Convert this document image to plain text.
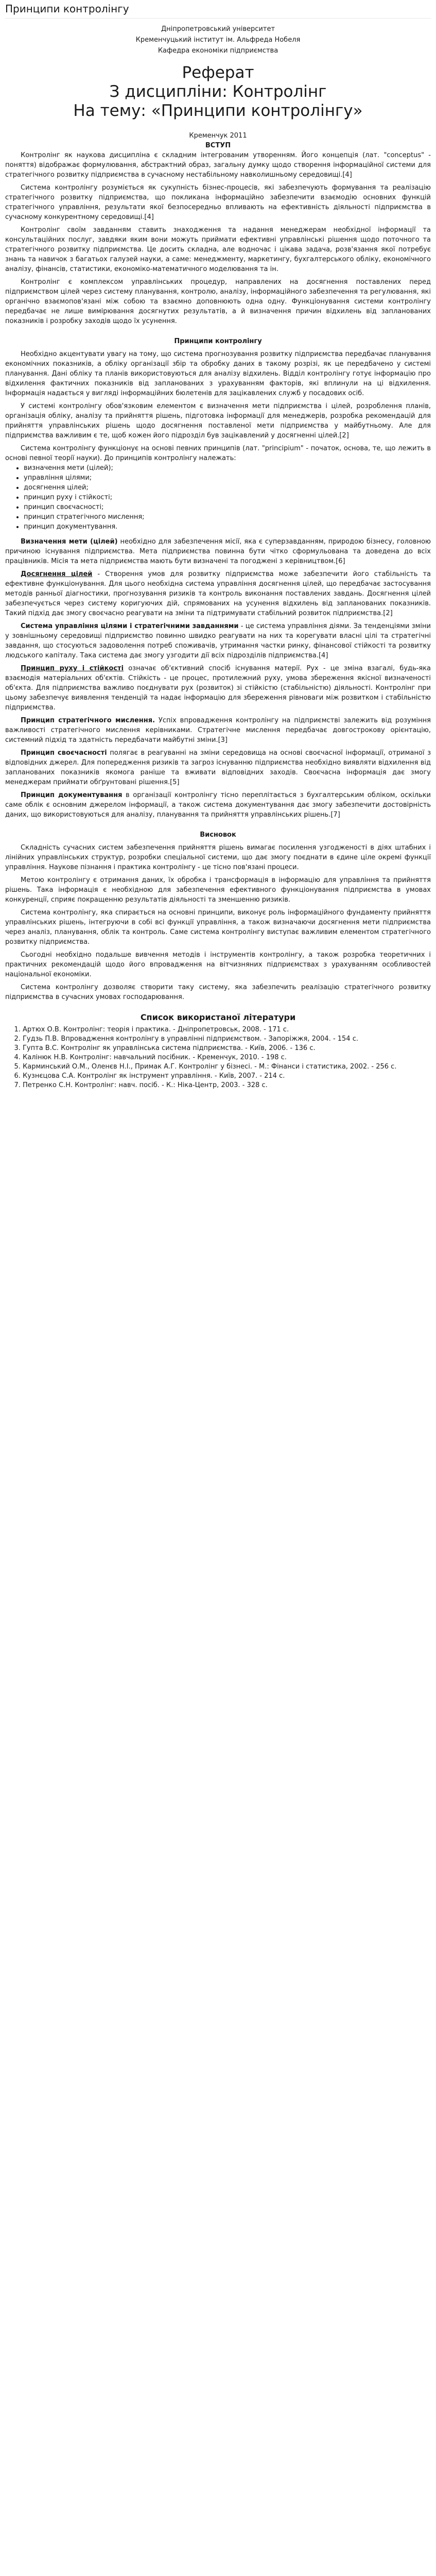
Принципи контролінгу
Дніпропетровський університет
Кременчуцький інститут ім. Альфреда Нобеля
Кафедра економіки підприємства
Реферат
З дисципліни: Контролінг
На тему: «Принципи контролінгу»
Кременчук 2011
ВСТУП

Контролінг як наукова дисципліна є складним інтегрованим утворенням. Його концепція (лат. "conceptus" - поняття) відображає формулювання, абстрактний образ, загальну думку щодо створення інформаційної системи для стратегічного розвитку підприємства в сучасному нестабільному навколишньому середовищі.[4]

Система контролінгу розуміється як сукупність бізнес-процесів, які забезпечують формування та реалізацію стратегічного розвитку підприємства, що покликана інформаційно забезпечити взаємодію основних функцій стратегічного управління, результати якої безпосередньо впливають на ефективність діяльності підприємства в сучасному конкурентному середовищі.[4]

Контролінг своїм завданням ставить знаходження та надання менеджерам необхідної інформації та консультаційних послуг, завдяки яким вони можуть приймати ефективні управлінські рішення щодо поточного та стратегічного розвитку підприємства. Це досить складна, але водночас і цікава задача, розв'язання якої потребує знань та навичок з багатьох галузей науки, а саме: менеджменту, маркетингу, бухгалтерського обліку, економічного аналізу, фінансів, статистики, економіко-математичного моделювання та ін.

Контролінг є комплексом управлінських процедур, направлених на досягнення поставлених перед підприємством цілей через систему планування, контролю, аналізу, інформаційного забезпечення та регулювання, які органічно взаємопов'язані між собою та взаємно доповнюють одна одну. Функціонування системи контролінгу передбачає не лише вимірювання досягнутих результатів, а й визначення причин відхилень від запланованих показників і розробку заходів щодо їх усунення.

Принципи контролінгу

Необхідно акцентувати увагу на тому, що система прогнозування розвитку підприємства передбачає планування економічних показників, а обліку організації збір та обробку даних в такому розрізі, як це передбачено у системі планування. Дані обліку та планів використовуються для аналізу відхилень. Відділ контролінгу готує інформацію про відхилення фактичних показників від запланованих з урахуванням факторів, які вплинули на ці відхилення. Інформація надається у вигляді інформаційних бюлетенів для зацікавлених служб у посадових осіб.

У системі контролінгу обов'язковим елементом є визначення мети підприємства і цілей, розроблення планів, організація обліку, аналізу та прийняття рішень, підготовка інформації для менеджерів, розробка рекомендацій для прийняття управлінських рішень щодо досягнення поставленої мети підприємства у майбутньому. Але для підприємства важливим є те, щоб кожен його підрозділ був зацікавлений у досягненні цілей.[2]

Система контролінгу функціонує на основі певних принципів (лат. "principium" - початок, основа, те, що лежить в основі певної теорії науки). До принципів контролінгу належать:

• визначення мети (цілей);
• управління цілями;
• досягнення цілей;
• принцип руху і стійкості;
• принцип своєчасності;
• принцип стратегічного мислення;
• принцип документування.

Визначення мети (цілей) необхідно для забезпечення місії, яка є суперзавданням, природою бізнесу, головною причиною існування підприємства. Мета підприємства повинна бути чітко сформульована та доведена до всіх працівників. Місія та мета підприємства мають бути визначені та погоджені з керівництвом.[6]

Досягнення цілей - Створення умов для розвитку підприємства може забезпечити його стабільність та ефективне функціонування. Для цього необхідна система управління досягнення цілей, що передбачає застосування методів ранньої діагностики, прогнозування ризиків та контроль виконання поставлених завдань. Досягнення цілей забезпечується через систему коригуючих дій, спрямованих на усунення відхилень від запланованих показників. Такий підхід дає змогу своєчасно реагувати на зміни та підтримувати стабільний розвиток підприємства.[2]

Система управління цілями і стратегічними завданнями - це система управління діями. За тенденціями зміни у зовнішньому середовищі підприємство повинно швидко реагувати на них та корегувати власні цілі та стратегічні завдання, що стосуються задоволення потреб споживачів, утримання частки ринку, фінансової стійкості та розвитку людського капіталу. Така система дає змогу узгодити дії всіх підрозділів підприємства.[4]

Принцип руху і стійкості означає об'єктивний спосіб існування матерії. Рух - це зміна взагалі, будь-яка взаємодія матеріальних об'єктів. Стійкість - це процес, протилежний руху, умова збереження якісної визначеності об'єкта. Для підприємства важливо поєднувати рух (розвиток) зі стійкістю (стабільністю) діяльності. Контролінг при цьому забезпечує виявлення тенденцій та надає інформацію для збереження рівноваги між розвитком і стабільністю підприємства.

Принцип стратегічного мислення. Успіх впровадження контролінгу на підприємстві залежить від розуміння важливості стратегічного мислення керівниками. Стратегічне мислення передбачає довгострокову орієнтацію, системний підхід та здатність передбачати майбутні зміни.[3]

Принцип своєчасності полягає в реагуванні на зміни середовища на основі своєчасної інформації, отриманої з відповідних джерел. Для попередження ризиків та загроз існуванню підприємства необхідно виявляти відхилення від запланованих показників якомога раніше та вживати відповідних заходів. Своєчасна інформація дає змогу менеджерам приймати обґрунтовані рішення.[5]

Принцип документування в організації контролінгу тісно переплітається з бухгалтерським обліком, оскільки саме облік є основним джерелом інформації, а також система документування дає змогу забезпечити достовірність даних, що використовуються для аналізу, планування та прийняття управлінських рішень.[7]

Висновок

Складність сучасних систем забезпечення прийняття рішень вимагає посилення узгодженості в діях штабних і лінійних управлінських структур, розробки спеціальної системи, що дає змогу поєднати в єдине ціле окремі функції управління. Наукове пізнання і практика контролінгу - це тісно пов'язані процеси.

Метою контролінгу є отримання даних, їх обробка і трансформація в інформацію для управління та прийняття рішень. Така інформація є необхідною для забезпечення ефективного функціонування підприємства в умовах конкуренції, сприяє покращенню результатів діяльності та зменшенню ризиків.

Система контролінгу, яка спирається на основні принципи, виконує роль інформаційного фундаменту прийняття управлінських рішень, інтегруючи в собі всі функції управління, а також визначаючи досягнення мети підприємства через аналіз, планування, облік та контроль. Саме система контролінгу виступає важливим елементом стратегічного розвитку підприємства.

Сьогодні необхідно подальше вивчення методів і інструментів контролінгу, а також розробка теоретичних і практичних рекомендацій щодо його впровадження на вітчизняних підприємствах з урахуванням особливостей національної економіки.

Система контролінгу дозволяє створити таку систему, яка забезпечить реалізацію стратегічного розвитку підприємства в сучасних умовах господарювання.

Список використаної літератури
1. Артюх О.В. Контролінг: теорія і практика. - Дніпропетровськ, 2008. - 171 с.
2. Гудзь П.В. Впровадження контролінгу в управлінні підприємством. - Запоріжжя, 2004. - 154 с.
3. Гупта В.С. Контролінг як управлінська система підприємства. - Київ, 2006. - 136 с.
4. Калінюк Н.В. Контролінг: навчальний посібник. - Кременчук, 2010. - 198 с.
5. Карминський О.М., Оленєв Н.І., Примак А.Г. Контролінг у бізнесі. - М.: Фінанси і статистика, 2002. - 256 с.
6. Кузнєцова С.А. Контролінг як інструмент управління. - Київ, 2007. - 214 с.
7. Петренко С.Н. Контролінг: навч. посіб. - К.: Ніка-Центр, 2003. - 328 с.
